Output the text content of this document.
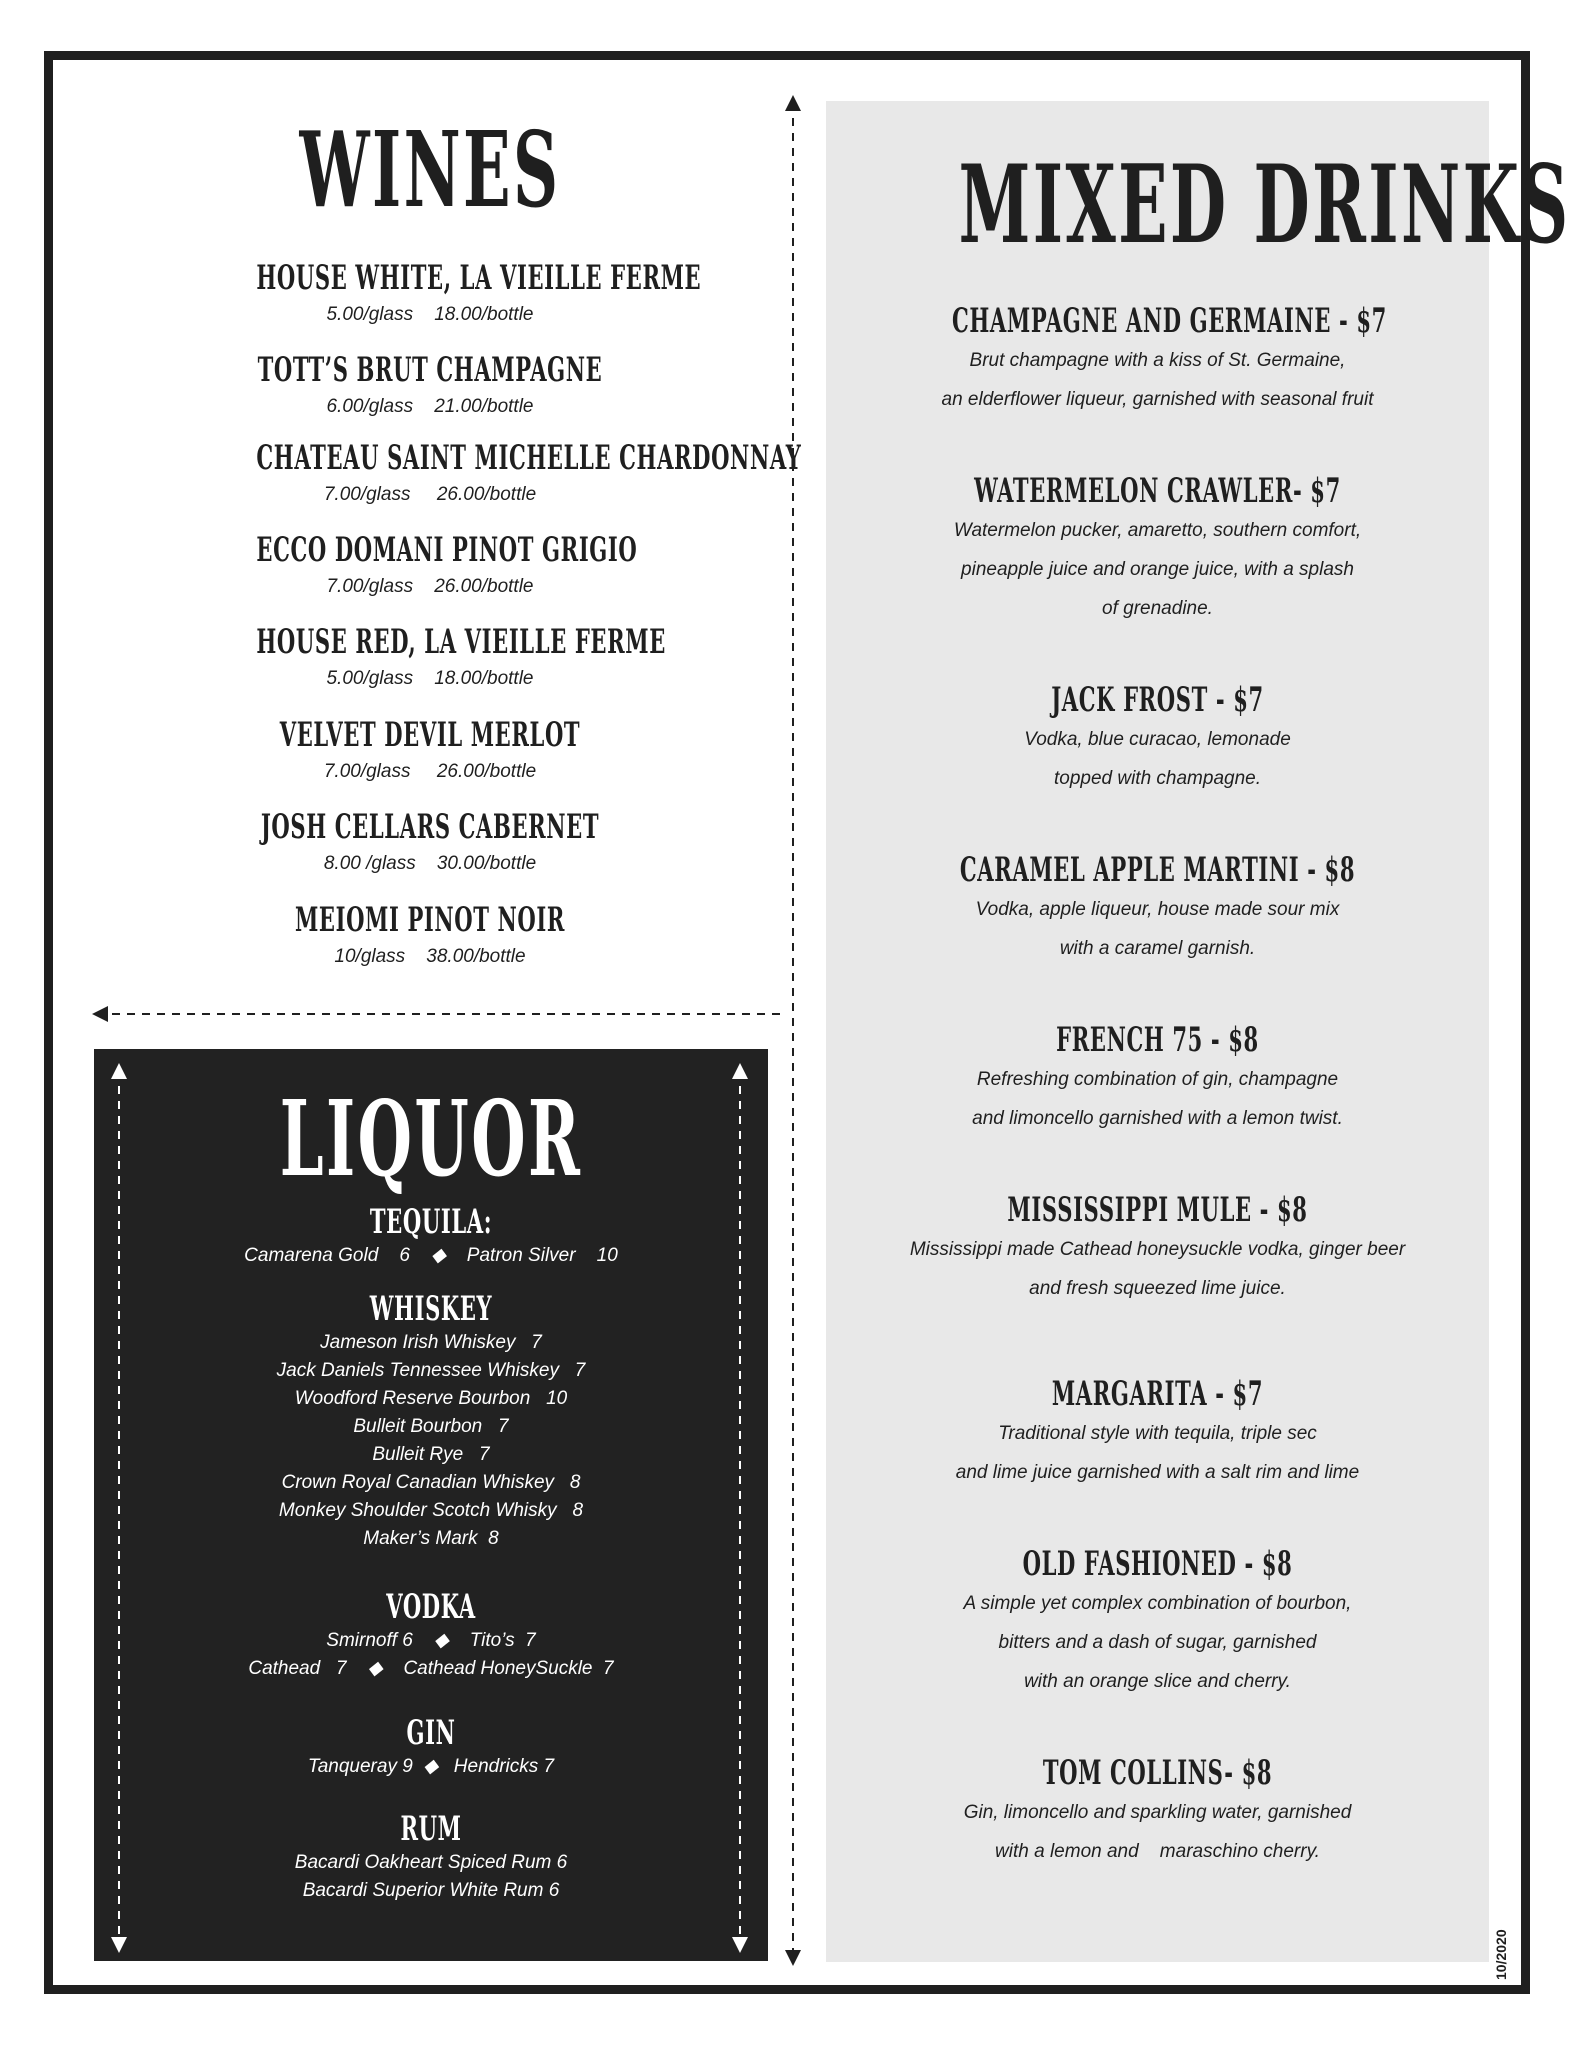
WINES
HOUSE WHITE, LA VIEILLE FERME
5.00/glass    18.00/bottle
TOTT’S BRUT CHAMPAGNE
6.00/glass    21.00/bottle
CHATEAU SAINT MICHELLE CHARDONNAY
7.00/glass     26.00/bottle
ECCO DOMANI PINOT GRIGIO
7.00/glass    26.00/bottle
HOUSE RED, LA VIEILLE FERME
5.00/glass    18.00/bottle
VELVET DEVIL MERLOT
7.00/glass     26.00/bottle
JOSH CELLARS CABERNET
8.00 /glass    30.00/bottle
MEIOMI PINOT NOIR
10/glass    38.00/bottle
LIQUOR
TEQUILA:
Camarena Gold    6    ◆    Patron Silver    10
WHISKEY
Jameson Irish Whiskey   7
Jack Daniels Tennessee Whiskey   7
Woodford Reserve Bourbon   10
Bulleit Bourbon   7
Bulleit Rye   7
Crown Royal Canadian Whiskey   8
Monkey Shoulder Scotch Whisky   8
Maker’s Mark  8
VODKA
Smirnoff 6    ◆    Tito’s  7
Cathead   7    ◆    Cathead HoneySuckle  7
GIN
Tanqueray 9  ◆   Hendricks 7
RUM
Bacardi Oakheart Spiced Rum 6
Bacardi Superior White Rum 6
MIXED DRINKS
CHAMPAGNE AND GERMAINE - $7
Brut champagne with a kiss of St. Germaine,
an elderflower liqueur, garnished with seasonal fruit
WATERMELON CRAWLER- $7
Watermelon pucker, amaretto, southern comfort,
pineapple juice and orange juice, with a splash
of grenadine.
JACK FROST - $7
Vodka, blue curacao, lemonade
topped with champagne.
CARAMEL APPLE MARTINI - $8
Vodka, apple liqueur, house made sour mix
with a caramel garnish.
FRENCH 75 - $8
Refreshing combination of gin, champagne
and limoncello garnished with a lemon twist.
MISSISSIPPI MULE - $8
Mississippi made Cathead honeysuckle vodka, ginger beer
and fresh squeezed lime juice.
MARGARITA - $7
Traditional style with tequila, triple sec
and lime juice garnished with a salt rim and lime
OLD FASHIONED - $8
A simple yet complex combination of bourbon,
bitters and a dash of sugar, garnished
with an orange slice and cherry.
TOM COLLINS- $8
Gin, limoncello and sparkling water, garnished
with a lemon and    maraschino cherry.
10/2020
